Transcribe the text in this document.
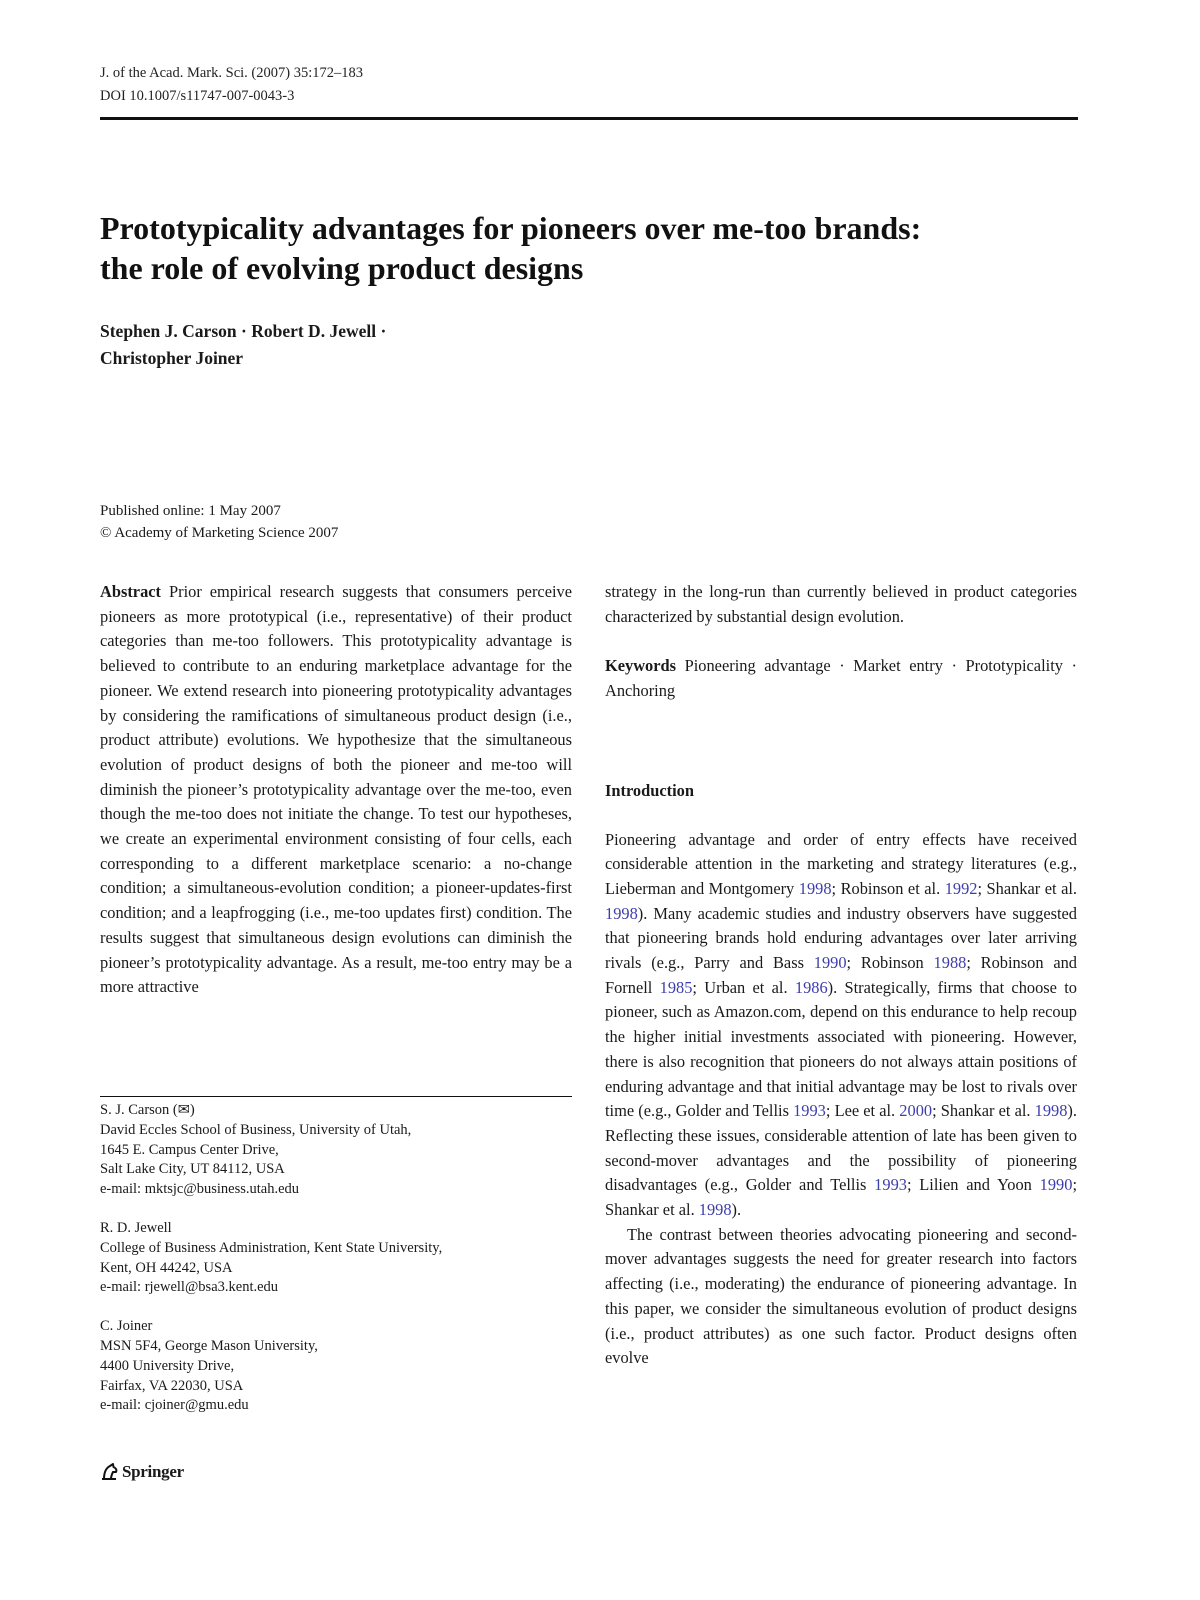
J. of the Acad. Mark. Sci. (2007) 35:172–183
DOI 10.1007/s11747-007-0043-3
Prototypicality advantages for pioneers over me-too brands:
the role of evolving product designs
Stephen J. Carson · Robert D. Jewell ·
Christopher Joiner
Published online: 1 May 2007
© Academy of Marketing Science 2007

Abstract Prior empirical research suggests that consumers perceive pioneers as more prototypical (i.e., representative) of their product categories than me-too followers. This prototypicality advantage is believed to contribute to an enduring marketplace advantage for the pioneer. We extend research into pioneering prototypicality advantages by considering the ramifications of simultaneous product design (i.e., product attribute) evolutions. We hypothesize that the simultaneous evolution of product designs of both the pioneer and me-too will diminish the pioneer’s prototypicality advantage over the me-too, even though the me-too does not initiate the change. To test our hypotheses, we create an experimental environment consisting of four cells, each corresponding to a different marketplace scenario: a no-change condition; a simultaneous-evolution condition; a pioneer-updates-first condition; and a leapfrogging (i.e., me-too updates first) condition. The results suggest that simultaneous design evolutions can diminish the pioneer’s prototypicality advantage. As a result, me-too entry may be a more attractive

strategy in the long-run than currently believed in product categories characterized by substantial design evolution.

Keywords Pioneering advantage · Market entry · Prototypicality · Anchoring

Introduction

Pioneering advantage and order of entry effects have received considerable attention in the marketing and strategy literatures (e.g., Lieberman and Montgomery 1998; Robinson et al. 1992; Shankar et al. 1998). Many academic studies and industry observers have suggested that pioneering brands hold enduring advantages over later arriving rivals (e.g., Parry and Bass 1990; Robinson 1988; Robinson and Fornell 1985; Urban et al. 1986). Strategically, firms that choose to pioneer, such as Amazon.com, depend on this endurance to help recoup the higher initial investments associated with pioneering. However, there is also recognition that pioneers do not always attain positions of enduring advantage and that initial advantage may be lost to rivals over time (e.g., Golder and Tellis 1993; Lee et al. 2000; Shankar et al. 1998). Reflecting these issues, considerable attention of late has been given to second-mover advantages and the possibility of pioneering disadvantages (e.g., Golder and Tellis 1993; Lilien and Yoon 1990; Shankar et al. 1998).

The contrast between theories advocating pioneering and second-mover advantages suggests the need for greater research into factors affecting (i.e., moderating) the endurance of pioneering advantage. In this paper, we consider the simultaneous evolution of product designs (i.e., product attributes) as one such factor. Product designs often evolve

S. J. Carson (✉)
David Eccles School of Business, University of Utah,
1645 E. Campus Center Drive,
Salt Lake City, UT 84112, USA
e-mail: mktsjc@business.utah.edu
R. D. Jewell
College of Business Administration, Kent State University,
Kent, OH 44242, USA
e-mail: rjewell@bsa3.kent.edu
C. Joiner
MSN 5F4, George Mason University,
4400 University Drive,
Fairfax, VA 22030, USA
e-mail: cjoiner@gmu.edu
Springer
